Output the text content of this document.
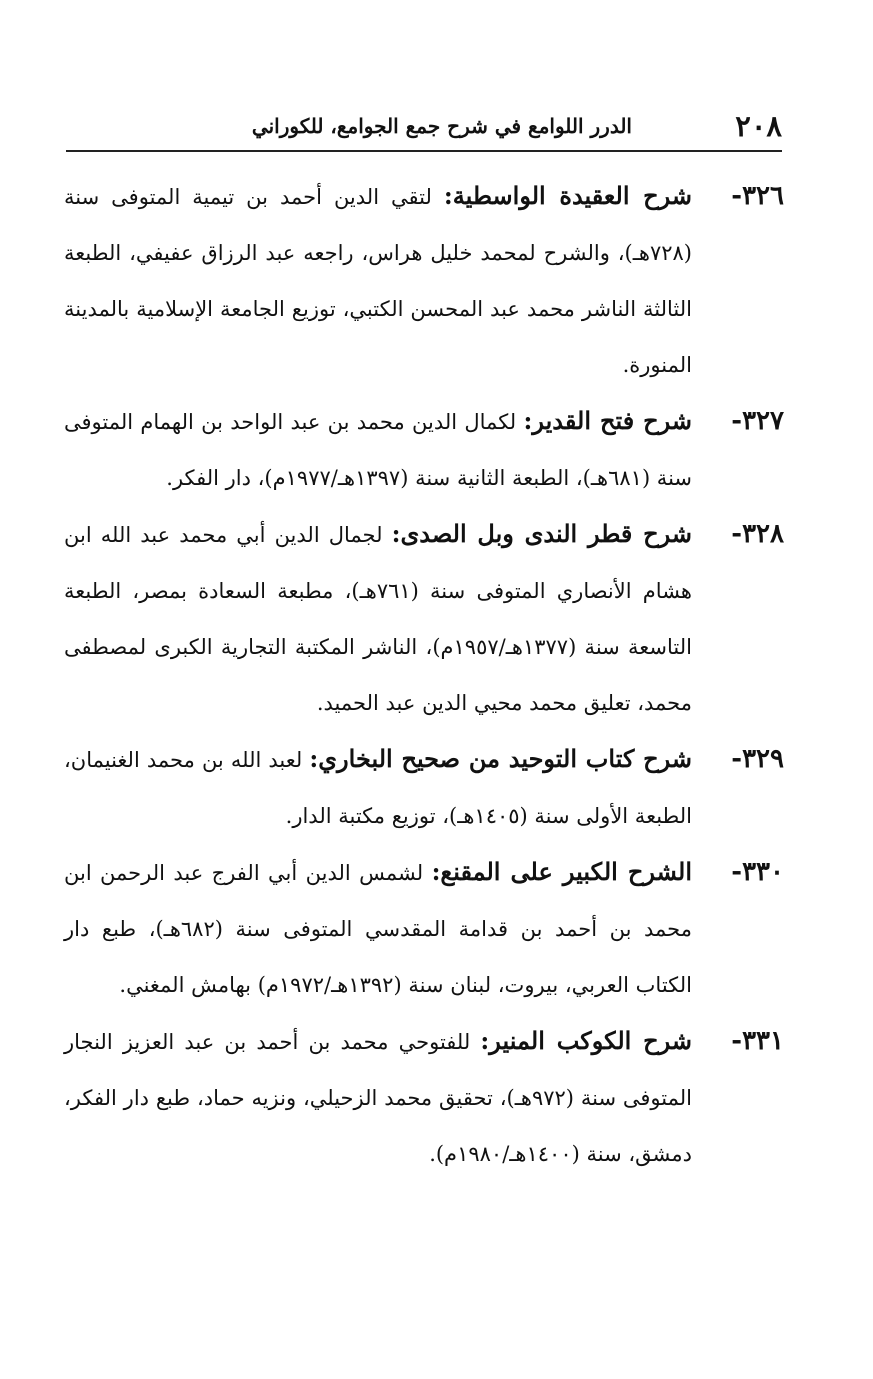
٢٠٨
الدرر اللوامع في شرح جمع الجوامع، للكوراني

٣٢٦-
شرح العقيدة الواسطية: لتقي الدين أحمد بن تيمية المتوفى سنة (٧٢٨هـ)، والشرح لمحمد خليل هراس، راجعه عبد الرزاق عفيفي، الطبعة الثالثة الناشر محمد عبد المحسن الكتبي، توزيع الجامعة الإسلامية بالمدينة المنورة.

٣٢٧-
شرح فتح القدير: لكمال الدين محمد بن عبد الواحد بن الهمام المتوفى سنة (٦٨١هـ)، الطبعة الثانية سنة (١٣٩٧هـ/١٩٧٧م)، دار الفكر.

٣٢٨-
شرح قطر الندى وبل الصدى: لجمال الدين أبي محمد عبد الله ابن هشام الأنصاري المتوفى سنة (٧٦١هـ)، مطبعة السعادة بمصر، الطبعة التاسعة سنة (١٣٧٧هـ/١٩٥٧م)، الناشر المكتبة التجارية الكبرى لمصطفى محمد، تعليق محمد محيي الدين عبد الحميد.

٣٢٩-
شرح كتاب التوحيد من صحيح البخاري: لعبد الله بن محمد الغنيمان، الطبعة الأولى سنة (١٤٠٥هـ)، توزيع مكتبة الدار.

٣٣٠-
الشرح الكبير على المقنع: لشمس الدين أبي الفرج عبد الرحمن ابن محمد بن أحمد بن قدامة المقدسي المتوفى سنة (٦٨٢هـ)، طبع دار الكتاب العربي، بيروت، لبنان سنة (١٣٩٢هـ/١٩٧٢م) بهامش المغني.

٣٣١-
شرح الكوكب المنير: للفتوحي محمد بن أحمد بن عبد العزيز النجار المتوفى سنة (٩٧٢هـ)، تحقيق محمد الزحيلي، ونزيه حماد، طبع دار الفكر، دمشق، سنة (١٤٠٠هـ/١٩٨٠م).
